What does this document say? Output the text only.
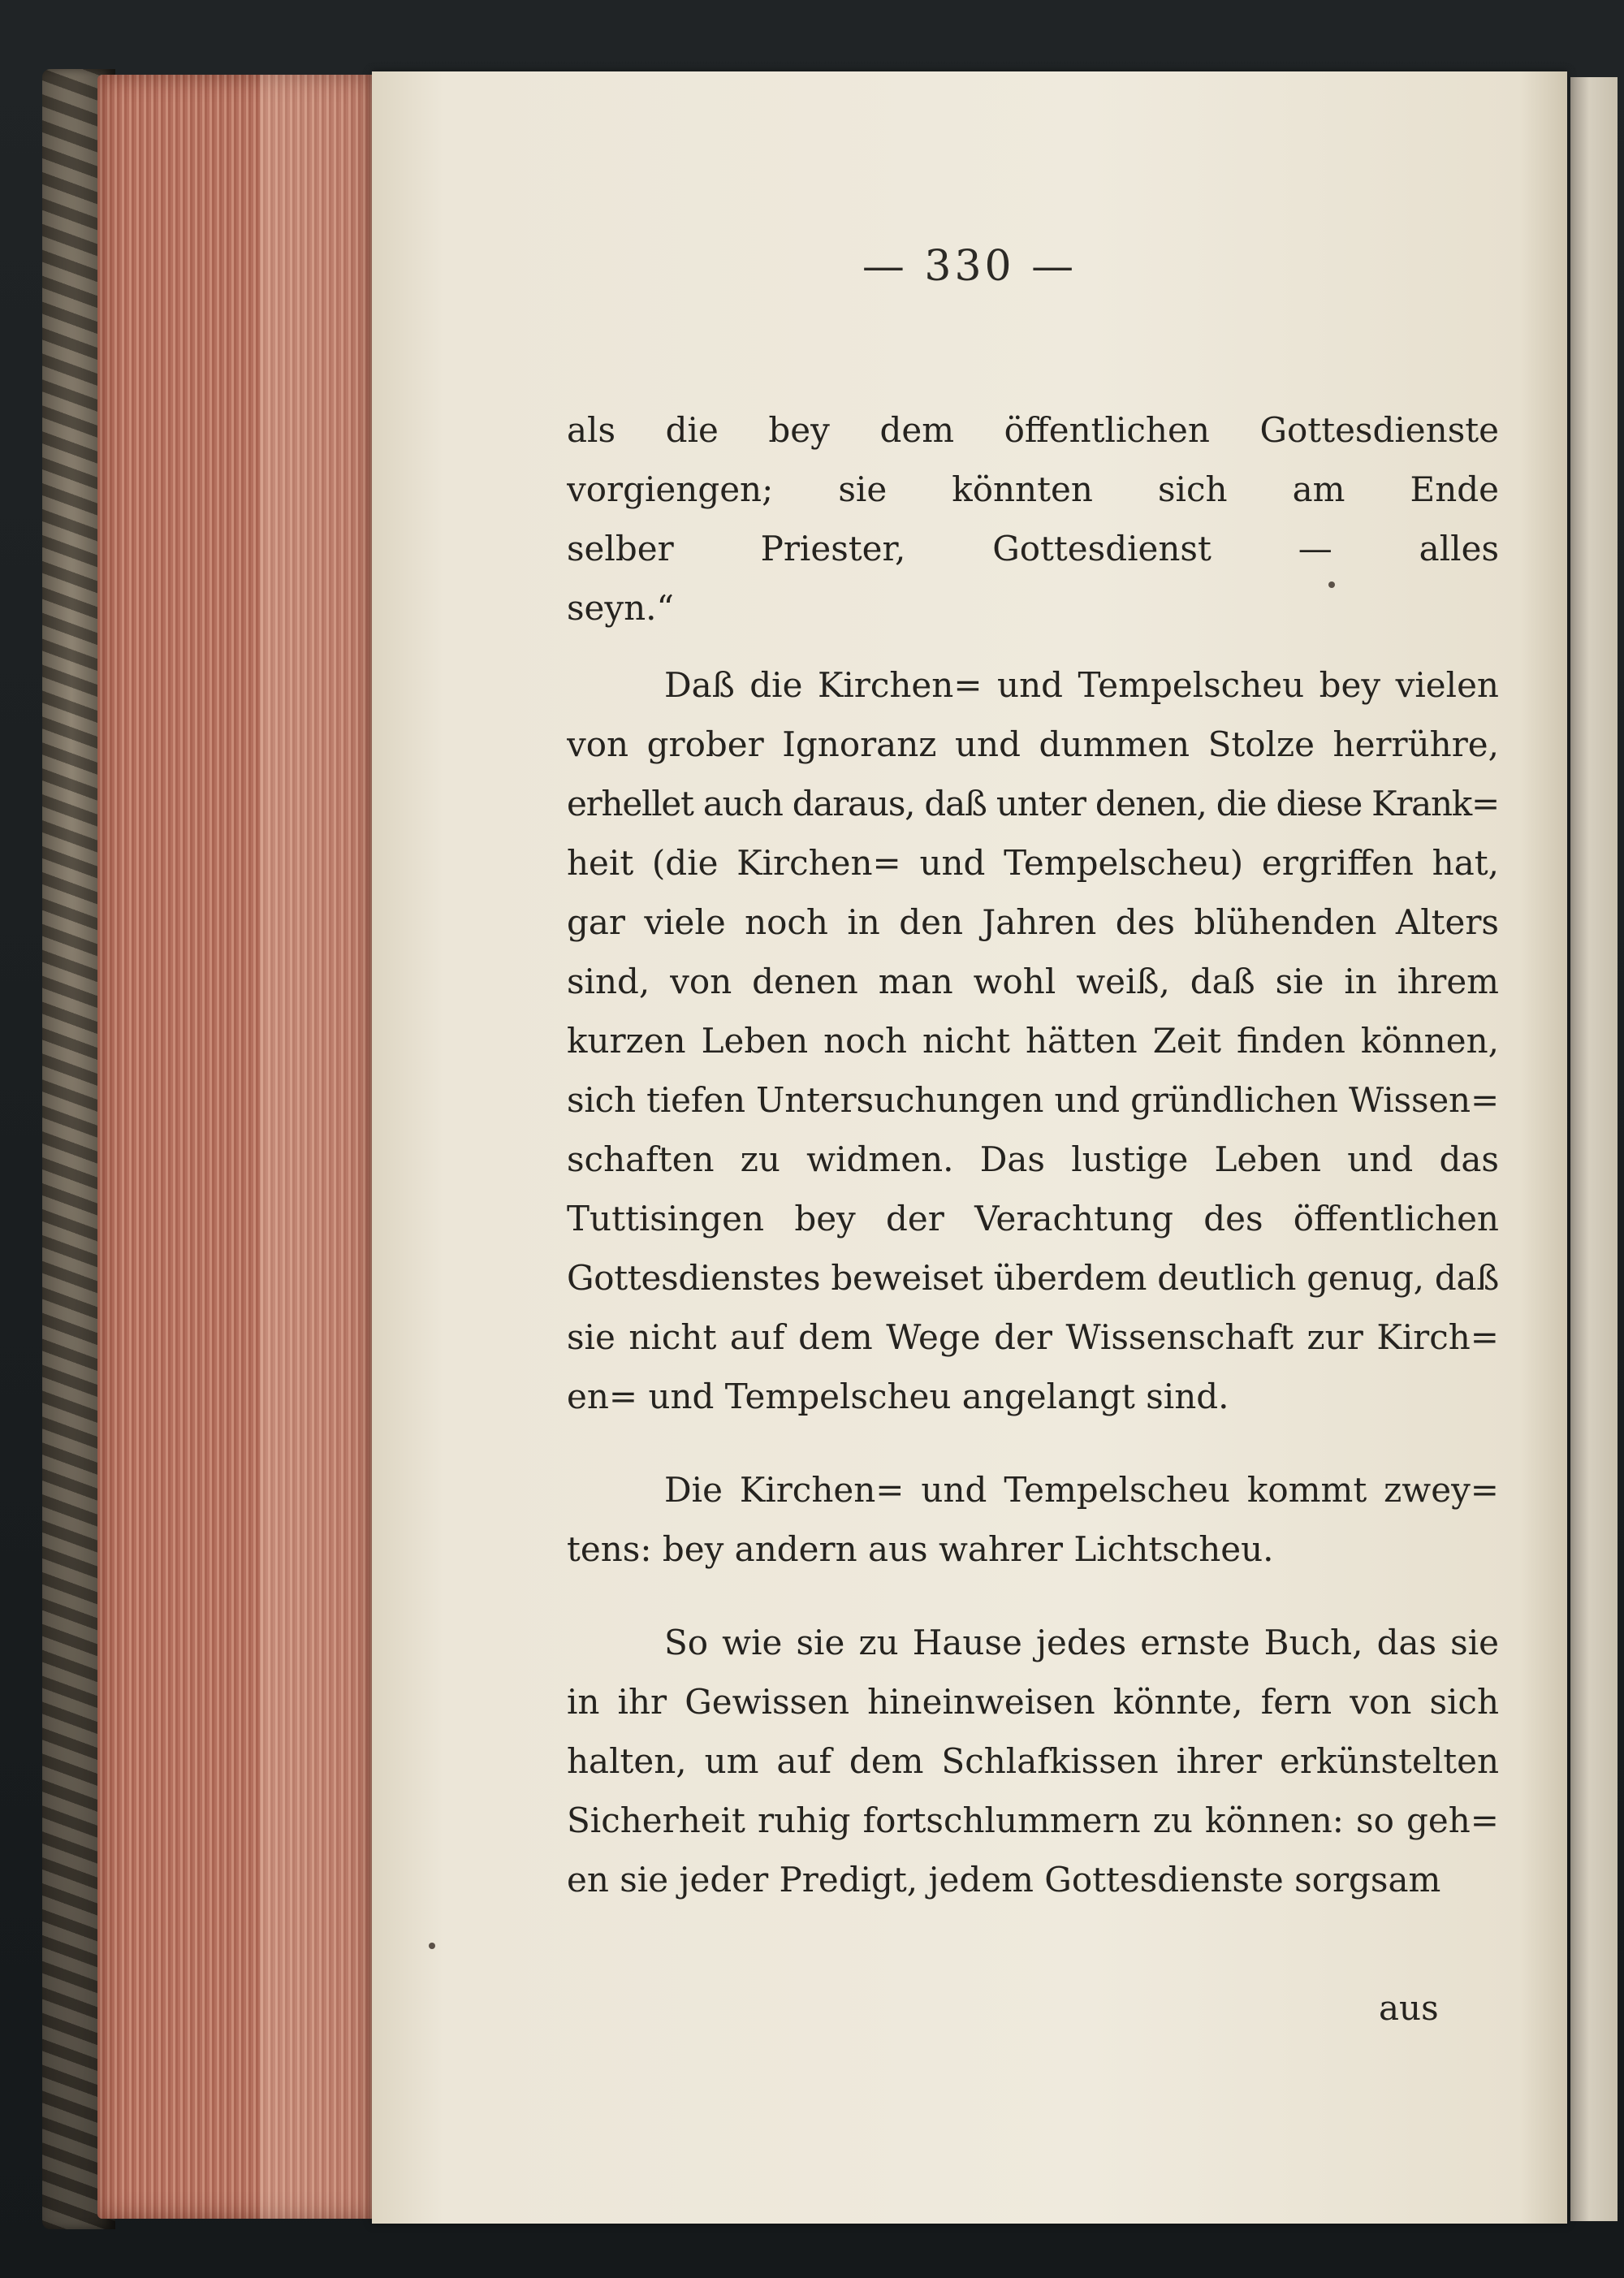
— 330 —

als die bey dem öffentlichen Gottesdienste
vorgiengen; sie könnten sich am Ende
selber Priester, Gottesdienst — alles
seyn.“

Daß die Kirchen= und Tempelscheu bey vielen
von grober Ignoranz und dummen Stolze herrühre,
erhellet auch daraus, daß unter denen, die diese Krank=
heit (die Kirchen= und Tempelscheu) ergriffen hat,
gar viele noch in den Jahren des blühenden Alters
sind, von denen man wohl weiß, daß sie in ihrem
kurzen Leben noch nicht hätten Zeit finden können,
sich tiefen Untersuchungen und gründlichen Wissen=
schaften zu widmen. Das lustige Leben und das
Tuttisingen bey der Verachtung des öffentlichen
Gottesdienstes beweiset überdem deutlich genug, daß
sie nicht auf dem Wege der Wissenschaft zur Kirch=
en= und Tempelscheu angelangt sind.

Die Kirchen= und Tempelscheu kommt zwey=
tens: bey andern aus wahrer Lichtscheu.

So wie sie zu Hause jedes ernste Buch, das sie
in ihr Gewissen hineinweisen könnte, fern von sich
halten, um auf dem Schlafkissen ihrer erkünstelten
Sicherheit ruhig fortschlummern zu können: so geh=
en sie jeder Predigt, jedem Gottesdienste sorgsam

aus
